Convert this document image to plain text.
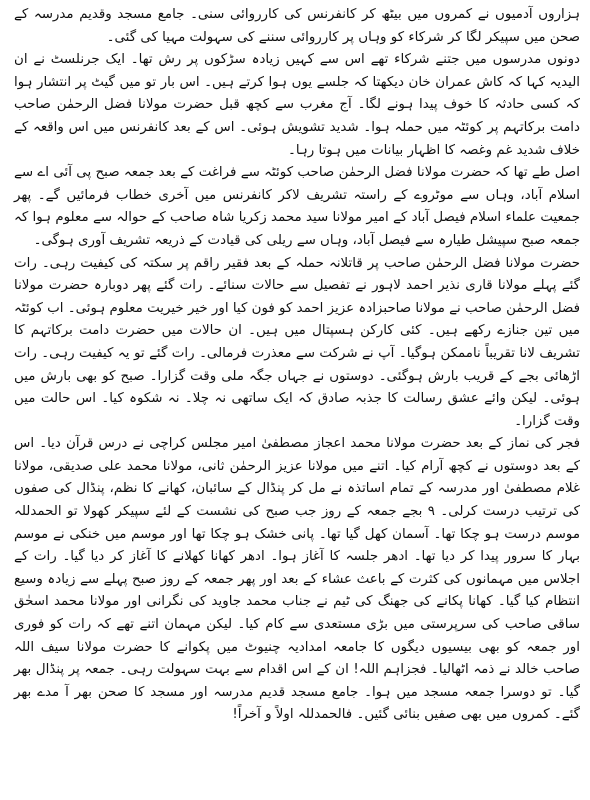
ہزاروں آدمیوں نے کمروں میں بیٹھ کر کانفرنس کی کارروائی سنی۔ جامع مسجد وقدیم مدرسہ کے صحن میں سپیکر لگا کر شرکاء کو وہاں پر کارروائی سننے کی سہولت مہیا کی گئی۔

دونوں مدرسوں میں جتنے شرکاء تھے اس سے کہیں زیادہ سڑکوں پر رش تھا۔ ایک جرنلسٹ نے ان الیدیہ کہا کہ کاش عمران خان دیکھتا کہ جلسے یوں ہوا کرتے ہیں۔ اس بار تو میں گیٹ پر انتشار ہوا کہ کسی حادثہ کا خوف پیدا ہونے لگا۔ آج مغرب سے کچھ قبل حضرت مولانا فضل الرحمٰن صاحب دامت برکاتہم پر کوئٹہ میں حملہ ہوا۔ شدید تشویش ہوئی۔ اس کے بعد کانفرنس میں اس واقعہ کے خلاف شدید غم وغصہ کا اظہار بیانات میں ہوتا رہا۔

اصل طے تھا کہ حضرت مولانا فضل الرحمٰن صاحب کوئٹہ سے فراغت کے بعد جمعہ صبح پی آئی اے سے اسلام آباد، وہاں سے موٹروے کے راستہ تشریف لاکر کانفرنس میں آخری خطاب فرمائیں گے۔ پھر جمعیت علماء اسلام فیصل آباد کے امیر مولانا سید محمد زکریا شاہ صاحب کے حوالہ سے معلوم ہوا کہ جمعہ صبح سپیشل طیارہ سے فیصل آباد، وہاں سے ریلی کی قیادت کے ذریعہ تشریف آوری ہوگی۔

حضرت مولانا فضل الرحمٰن صاحب پر قاتلانہ حملہ کے بعد فقیر راقم پر سکتہ کی کیفیت رہی۔ رات گئے پہلے مولانا قاری نذیر احمد لاہور نے تفصیل سے حالات سنائے۔ رات گئے پھر دوبارہ حضرت مولانا فضل الرحمٰن صاحب نے مولانا صاحبزادہ عزیز احمد کو فون کیا اور خیر خیریت معلوم ہوئی۔ اب کوئٹہ میں تین جنازے رکھے ہیں۔ کئی کارکن ہسپتال میں ہیں۔ ان حالات میں حضرت دامت برکاتہم کا تشریف لانا تقریباً ناممکن ہوگیا۔ آپ نے شرکت سے معذرت فرمالی۔ رات گئے تو یہ کیفیت رہی۔ رات اڑھائی بجے کے قریب بارش ہوگئی۔ دوستوں نے جہاں جگہ ملی وقت گزارا۔ صبح کو بھی بارش میں ہوئی۔ لیکن وائے عشق رسالت کا جذبہ صادق کہ ایک ساتھی نہ چلا۔ نہ شکوہ کیا۔ اس حالت میں وقت گزارا۔

فجر کی نماز کے بعد حضرت مولانا محمد اعجاز مصطفیٰ امیر مجلس کراچی نے درس قرآن دیا۔ اس کے بعد دوستوں نے کچھ آرام کیا۔ اتنے میں مولانا عزیز الرحمٰن ثانی، مولانا محمد علی صدیقی، مولانا غلام مصطفیٰ اور مدرسہ کے تمام اساتذہ نے مل کر پنڈال کے سائبان، کھانے کا نظم، پنڈال کی صفوں کی ترتیب درست کرلی۔ ۹ بجے جمعہ کے روز جب صبح کی نشست کے لئے سپیکر کھولا تو الحمدللہ موسم درست ہو چکا تھا۔ آسمان کھل گیا تھا۔ پانی خشک ہو چکا تھا اور موسم میں خنکی نے موسم بہار کا سرور پیدا کر دیا تھا۔ ادھر جلسہ کا آغاز ہوا۔ ادھر کھانا کھلانے کا آغاز کر دیا گیا۔ رات کے اجلاس میں مہمانوں کی کثرت کے باعث عشاء کے بعد اور پھر جمعہ کے روز صبح پہلے سے زیادہ وسیع انتظام کیا گیا۔ کھانا پکانے کی جھنگ کی ٹیم نے جناب محمد جاوید کی نگرانی اور مولانا محمد اسحٰق ساقی صاحب کی سرپرستی میں بڑی مستعدی سے کام کیا۔ لیکن مہمان اتنے تھے کہ رات کو فوری اور جمعہ کو بھی بیسیوں دیگوں کا جامعہ امدادیہ چنیوٹ میں پکوانے کا حضرت مولانا سیف اللہ صاحب خالد نے ذمہ اٹھالیا۔ فجزاہم اللہ! ان کے اس اقدام سے بہت سہولت رہی۔ جمعہ پر پنڈال بھر گیا۔ تو دوسرا جمعہ مسجد میں ہوا۔ جامع مسجد قدیم مدرسہ اور مسجد کا صحن بھر آ مدے بھر گئے۔ کمروں میں بھی صفیں بنائی گئیں۔ فالحمدللہ اولاً و آخراً!
